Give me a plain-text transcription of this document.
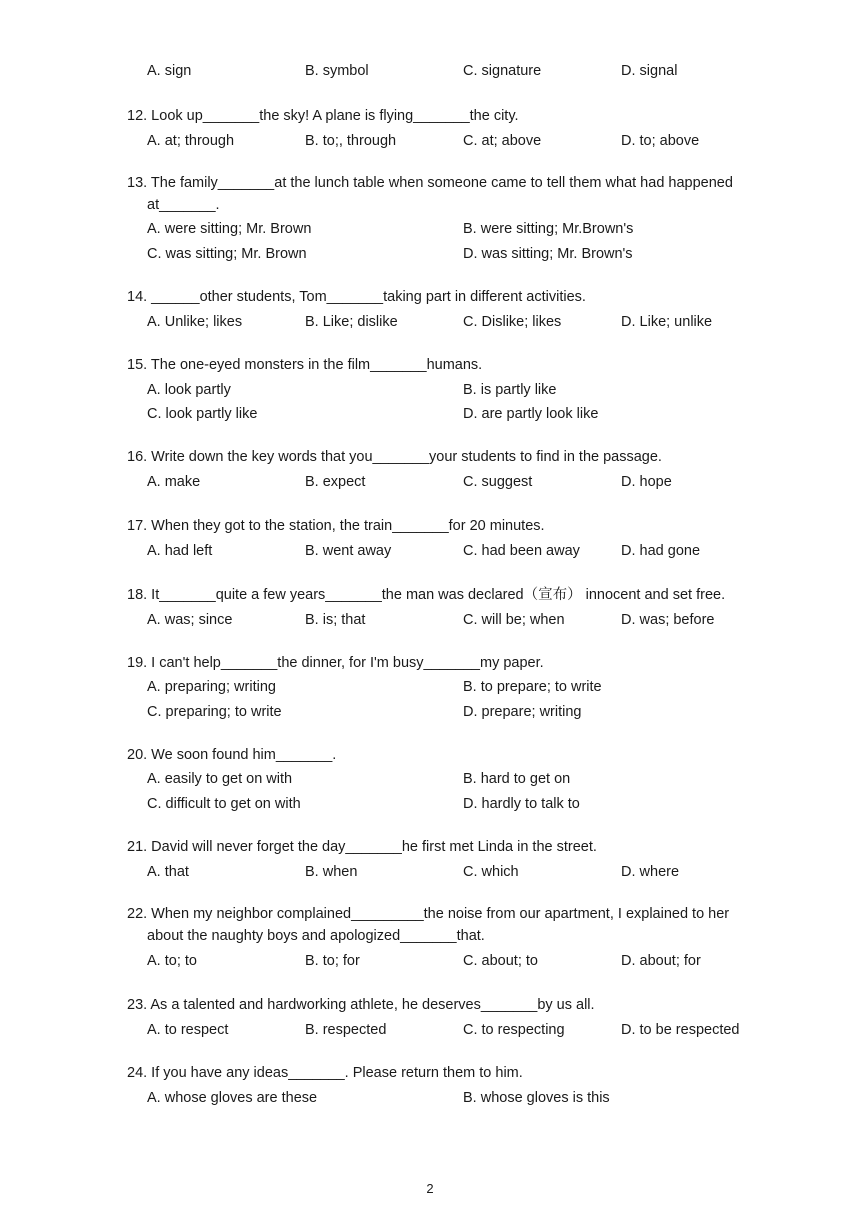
A. sign	B. symbol	C. signature	D. signal
12. Look up_______the sky! A plane is flying_______the city.
A. at; through	B. to;, through	C. at; above	D. to; above
13. The family_______at the lunch table when someone came to tell them what had happened
at_______.
A. were sitting; Mr. Brown	B. were sitting; Mr.Brown's
C. was sitting; Mr. Brown	D. was sitting; Mr. Brown's
14. ______other students, Tom_______taking part in different activities.
A. Unlike; likes	B. Like; dislike	C. Dislike; likes	D. Like; unlike
15. The one-eyed monsters in the film_______humans.
A. look partly	B. is partly like
C. look partly like	D. are partly look like
16. Write down the key words that you_______your students to find in the passage.
A. make	B. expect	C. suggest	D. hope
17. When they got to the station, the train_______for 20 minutes.
A. had left	B. went away	C. had been away	D. had gone
18. It_______quite a few years_______the man was declared（宣布） innocent and set free.
A. was; since	B. is; that	C. will be; when	D. was; before
19. I can't help_______the dinner, for I'm busy_______my paper.
A. preparing; writing	B. to prepare; to write
C. preparing; to write	D. prepare; writing
20. We soon found him_______.
A. easily to get on with	B. hard to get on
C. difficult to get on with	D. hardly to talk to
21. David will never forget the day_______he first met Linda in the street.
A. that	B. when	C. which	D. where
22. When my neighbor complained_________the noise from our apartment, I explained to her
about the naughty boys and apologized_______that.
A. to; to	B. to; for	C. about; to	D. about; for
23. As a talented and hardworking athlete, he deserves_______by us all.
A. to respect	B. respected	C. to respecting	D. to be respected
24. If you have any ideas_______. Please return them to him.
A. whose gloves are these	B. whose gloves is this
2
